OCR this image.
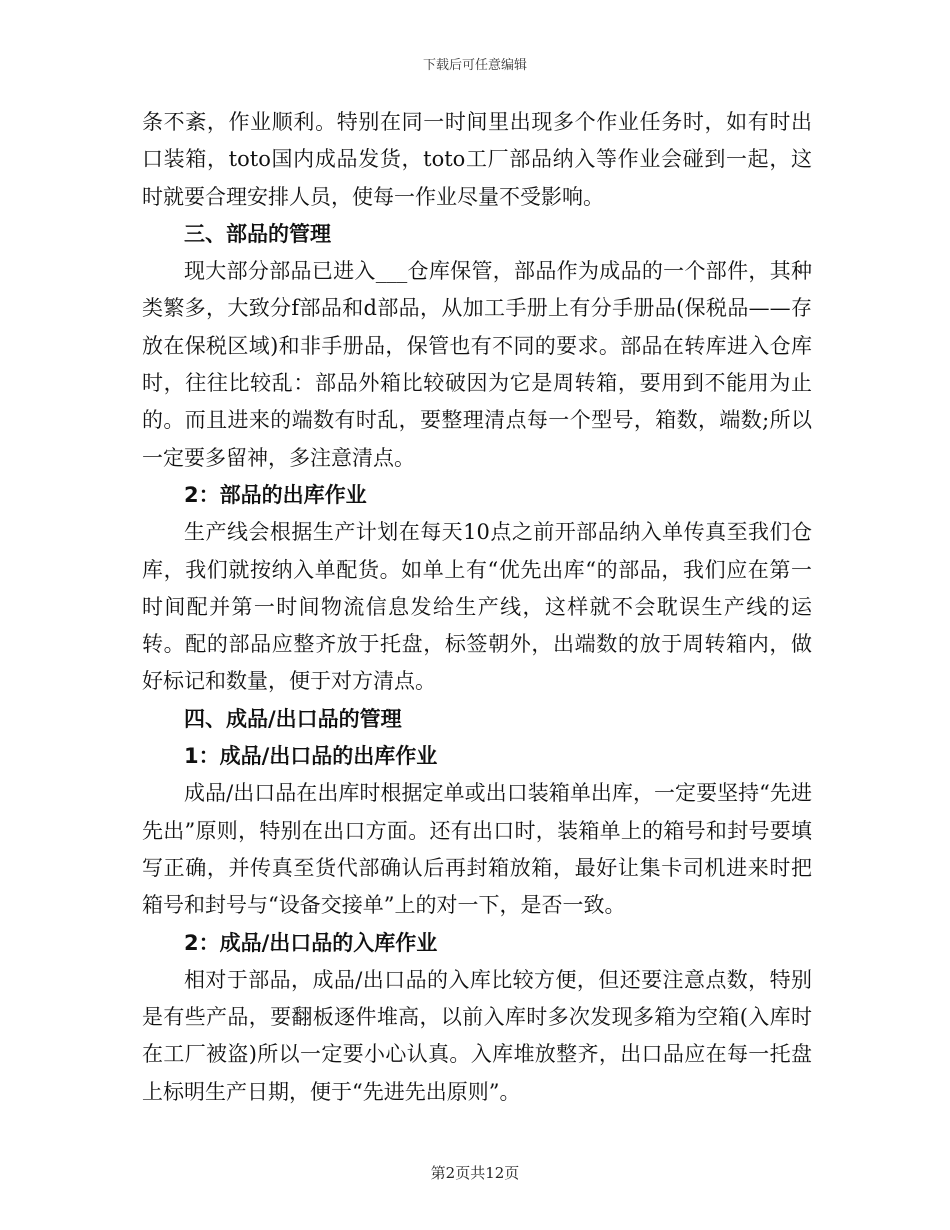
下载后可任意编辑

条不紊，作业顺利。特别在同一时间里出现多个作业任务时，如有时出口装箱，toto国内成品发货，toto工厂部品纳入等作业会碰到一起，这时就要合理安排人员，使每一作业尽量不受影响。

三、部品的管理

现大部分部品已进入___仓库保管，部品作为成品的一个部件，其种类繁多，大致分f部品和d部品，从加工手册上有分手册品(保税品——存放在保税区域)和非手册品，保管也有不同的要求。部品在转库进入仓库时，往往比较乱：部品外箱比较破因为它是周转箱，要用到不能用为止的。而且进来的端数有时乱，要整理清点每一个型号，箱数，端数;所以一定要多留神，多注意清点。

2：部品的出库作业

生产线会根据生产计划在每天10点之前开部品纳入单传真至我们仓库，我们就按纳入单配货。如单上有“优先出库“的部品，我们应在第一时间配并第一时间物流信息发给生产线，这样就不会耽误生产线的运转。配的部品应整齐放于托盘，标签朝外，出端数的放于周转箱内，做好标记和数量，便于对方清点。

四、成品/出口品的管理

1：成品/出口品的出库作业

成品/出口品在出库时根据定单或出口装箱单出库，一定要坚持“先进先出”原则，特别在出口方面。还有出口时，装箱单上的箱号和封号要填写正确，并传真至货代部确认后再封箱放箱，最好让集卡司机进来时把箱号和封号与“设备交接单”上的对一下，是否一致。

2：成品/出口品的入库作业

相对于部品，成品/出口品的入库比较方便，但还要注意点数，特别是有些产品，要翻板逐件堆高，以前入库时多次发现多箱为空箱(入库时在工厂被盗)所以一定要小心认真。入库堆放整齐，出口品应在每一托盘上标明生产日期，便于“先进先出原则”。

第2页共12页
